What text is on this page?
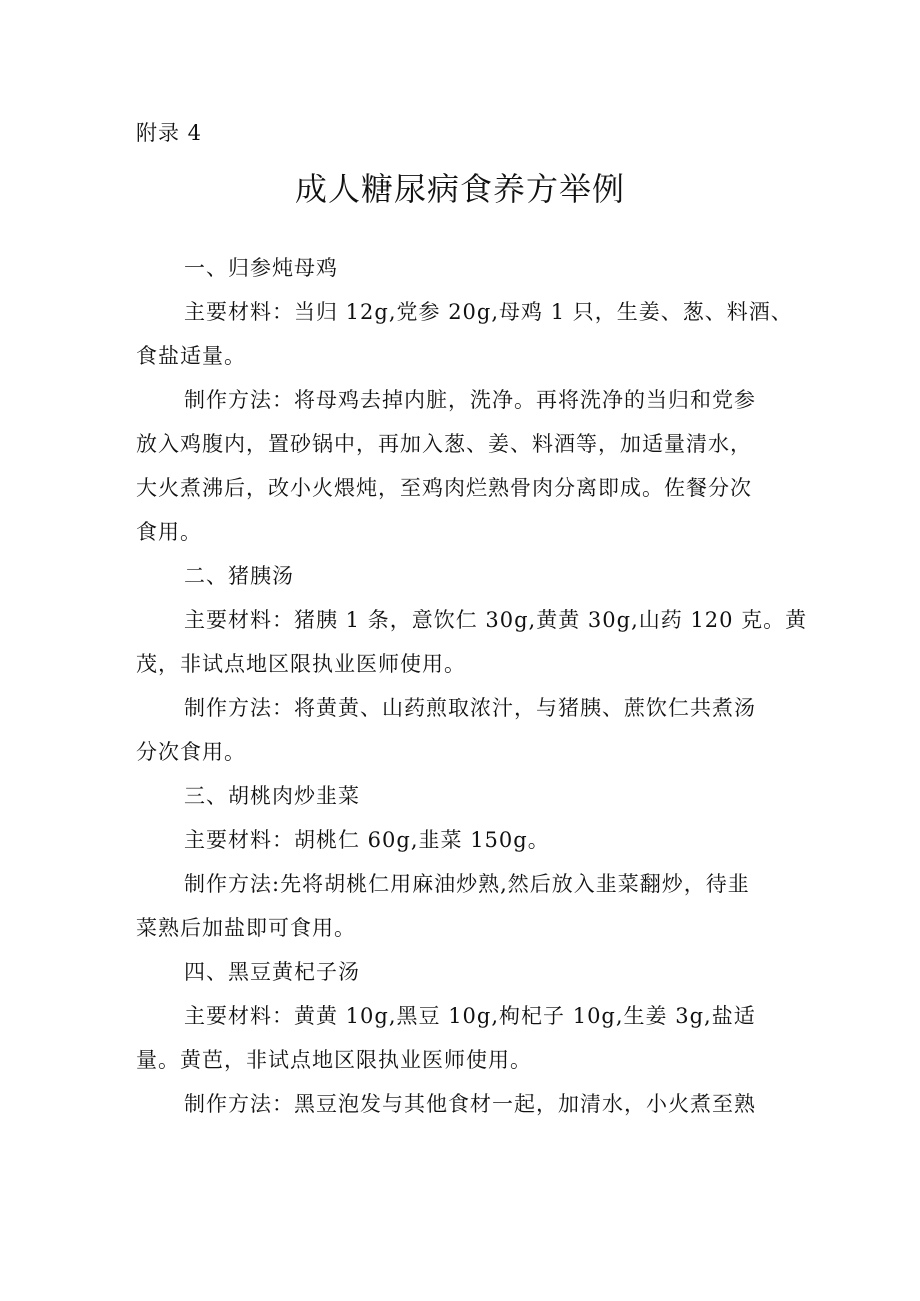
附录 4
成人糖尿病食养方举例
一、归参炖母鸡
主要材料：当归 12g,党参 20g,母鸡 1 只，生姜、葱、料酒、
食盐适量。
制作方法：将母鸡去掉内脏，洗净。再将洗净的当归和党参
放入鸡腹内，置砂锅中，再加入葱、姜、料酒等，加适量清水，
大火煮沸后，改小火煨炖，至鸡肉烂熟骨肉分离即成。佐餐分次
食用。
二、猪胰汤
主要材料：猪胰 1 条，意饮仁 30g,黄黄 30g,山药 120 克。黄
茂，非试点地区限执业医师使用。
制作方法：将黄黄、山药煎取浓汁，与猪胰、蔗饮仁共煮汤
分次食用。
三、胡桃肉炒韭菜
主要材料：胡桃仁 60g,韭菜 150g。
制作方法:先将胡桃仁用麻油炒熟,然后放入韭菜翻炒，待韭
菜熟后加盐即可食用。
四、黑豆黄杞子汤
主要材料：黄黄 10g,黑豆 10g,枸杞子 10g,生姜 3g,盐适
量。黄芭，非试点地区限执业医师使用。
制作方法：黑豆泡发与其他食材一起，加清水，小火煮至熟
